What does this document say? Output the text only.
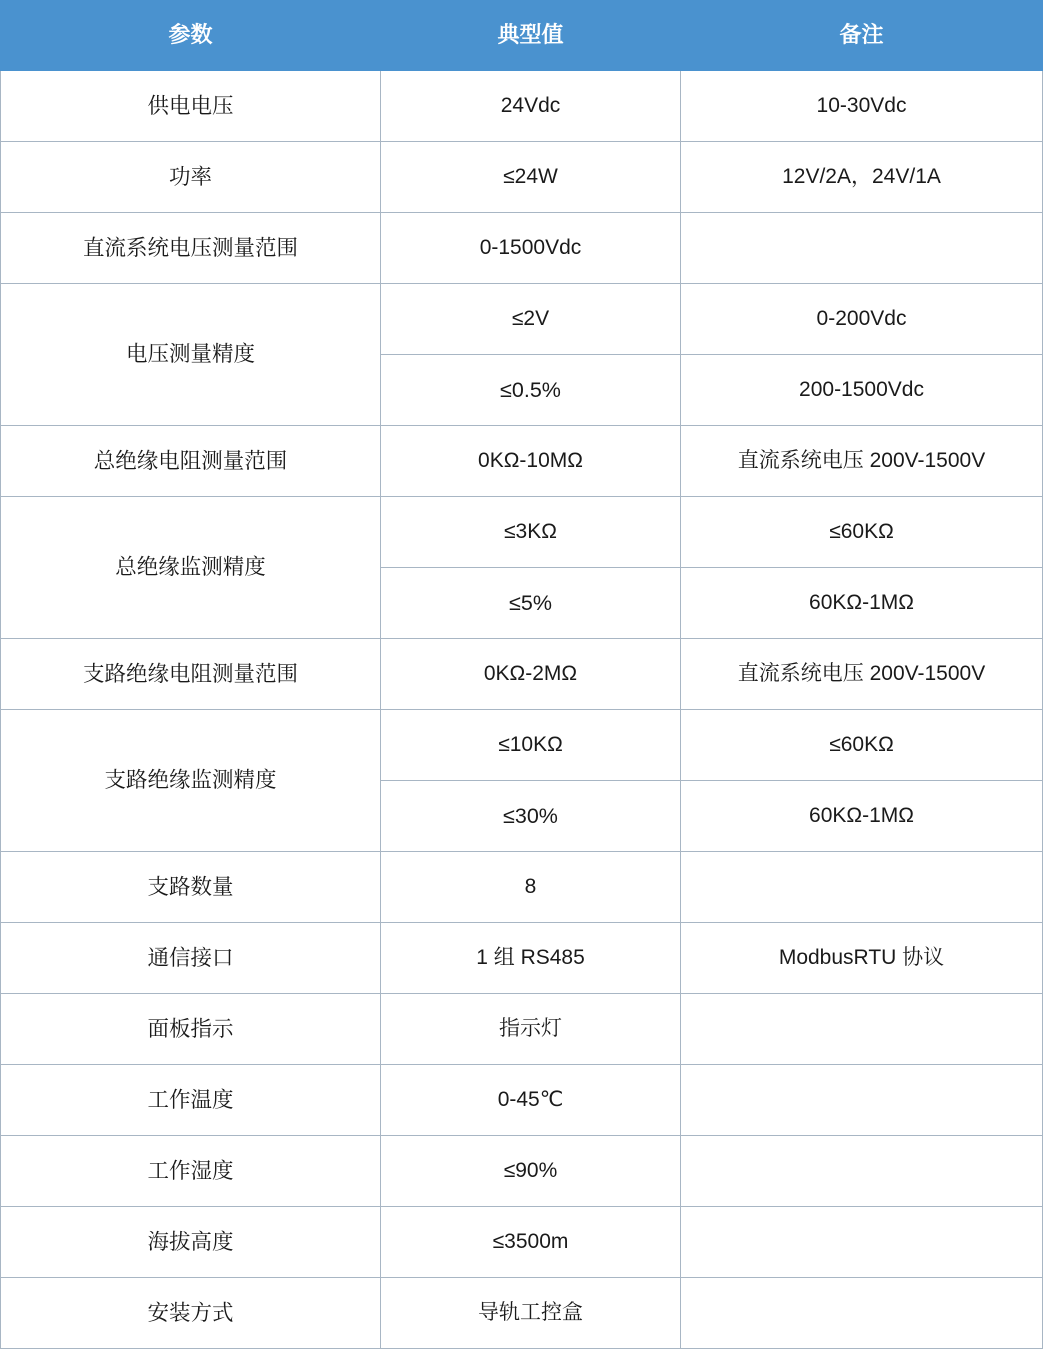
参数	典型值	备注
供电电压	24Vdc	10-30Vdc
功率	≤24W	12V/2A，24V/1A
直流系统电压测量范围	0-1500Vdc	
电压测量精度	≤2V	0-200Vdc
	≤0.5%	200-1500Vdc
总绝缘电阻测量范围	0KΩ-10MΩ	直流系统电压 200V-1500V
总绝缘监测精度	≤3KΩ	≤60KΩ
	≤5%	60KΩ-1MΩ
支路绝缘电阻测量范围	0KΩ-2MΩ	直流系统电压 200V-1500V
支路绝缘监测精度	≤10KΩ	≤60KΩ
	≤30%	60KΩ-1MΩ
支路数量	8	
通信接口	1 组 RS485	ModbusRTU 协议
面板指示	指示灯	
工作温度	0-45℃	
工作湿度	≤90%	
海拔高度	≤3500m	
安装方式	导轨工控盒	
